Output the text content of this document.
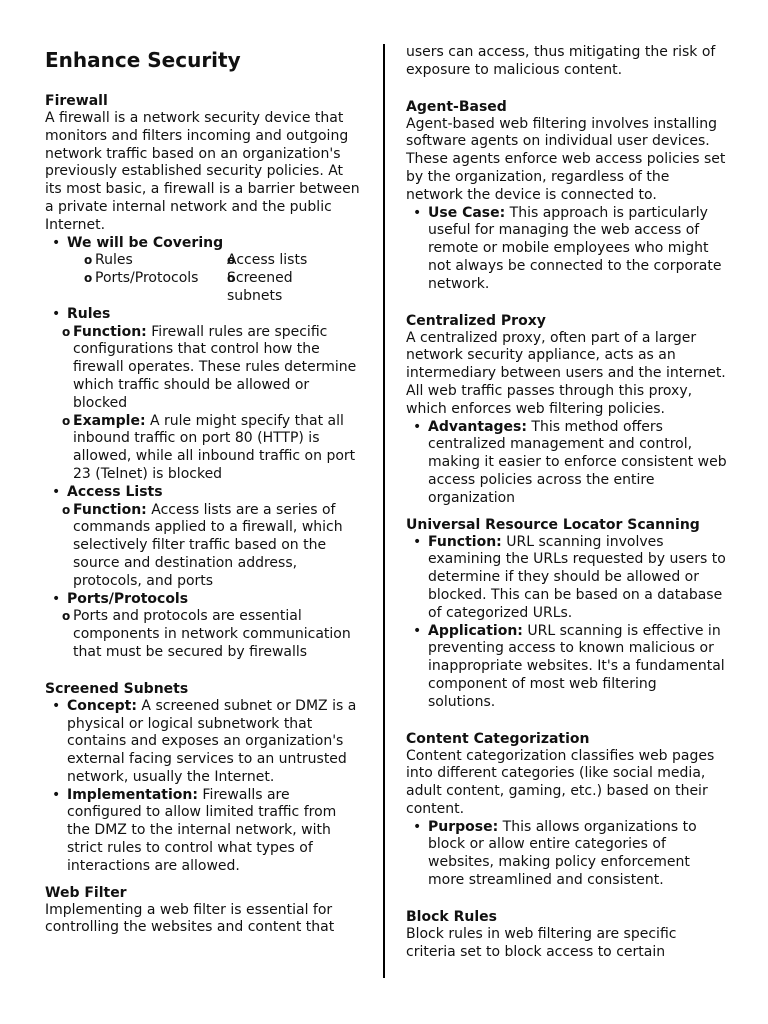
Enhance Security
Firewall

A firewall is a network security device that monitors and filters incoming and outgoing network traffic based on an organization's previously established security policies. At its most basic, a firewall is a barrier between a private internal network and the public Internet.

• We will be Covering
o Rules
o Ports/Protocols
o Access lists
o Screened subnets
• Rules
o Function: Firewall rules are specific configurations that control how the firewall operates. These rules determine which traffic should be allowed or blocked
o Example: A rule might specify that all inbound traffic on port 80 (HTTP) is allowed, while all inbound traffic on port 23 (Telnet) is blocked
• Access Lists
o Function: Access lists are a series of commands applied to a firewall, which selectively filter traffic based on the source and destination address, protocols, and ports
• Ports/Protocols
o Ports and protocols are essential components in network communication that must be secured by firewalls
Screened Subnets
• Concept: A screened subnet or DMZ is a physical or logical subnetwork that contains and exposes an organization's external facing services to an untrusted network, usually the Internet.
• Implementation: Firewalls are configured to allow limited traffic from the DMZ to the internal network, with strict rules to control what types of interactions are allowed.
Web Filter

Implementing a web filter is essential for controlling the websites and content that

users can access, thus mitigating the risk of exposure to malicious content.

Agent-Based

Agent-based web filtering involves installing software agents on individual user devices. These agents enforce web access policies set by the organization, regardless of the network the device is connected to.

• Use Case: This approach is particularly useful for managing the web access of remote or mobile employees who might not always be connected to the corporate network.
Centralized Proxy

A centralized proxy, often part of a larger network security appliance, acts as an intermediary between users and the internet. All web traffic passes through this proxy, which enforces web filtering policies.

• Advantages: This method offers centralized management and control, making it easier to enforce consistent web access policies across the entire organization
Universal Resource Locator Scanning
• Function: URL scanning involves examining the URLs requested by users to determine if they should be allowed or blocked. This can be based on a database of categorized URLs.
• Application: URL scanning is effective in preventing access to known malicious or inappropriate websites. It's a fundamental component of most web filtering solutions.
Content Categorization

Content categorization classifies web pages into different categories (like social media, adult content, gaming, etc.) based on their content.

• Purpose: This allows organizations to block or allow entire categories of websites, making policy enforcement more streamlined and consistent.
Block Rules

Block rules in web filtering are specific criteria set to block access to certain
